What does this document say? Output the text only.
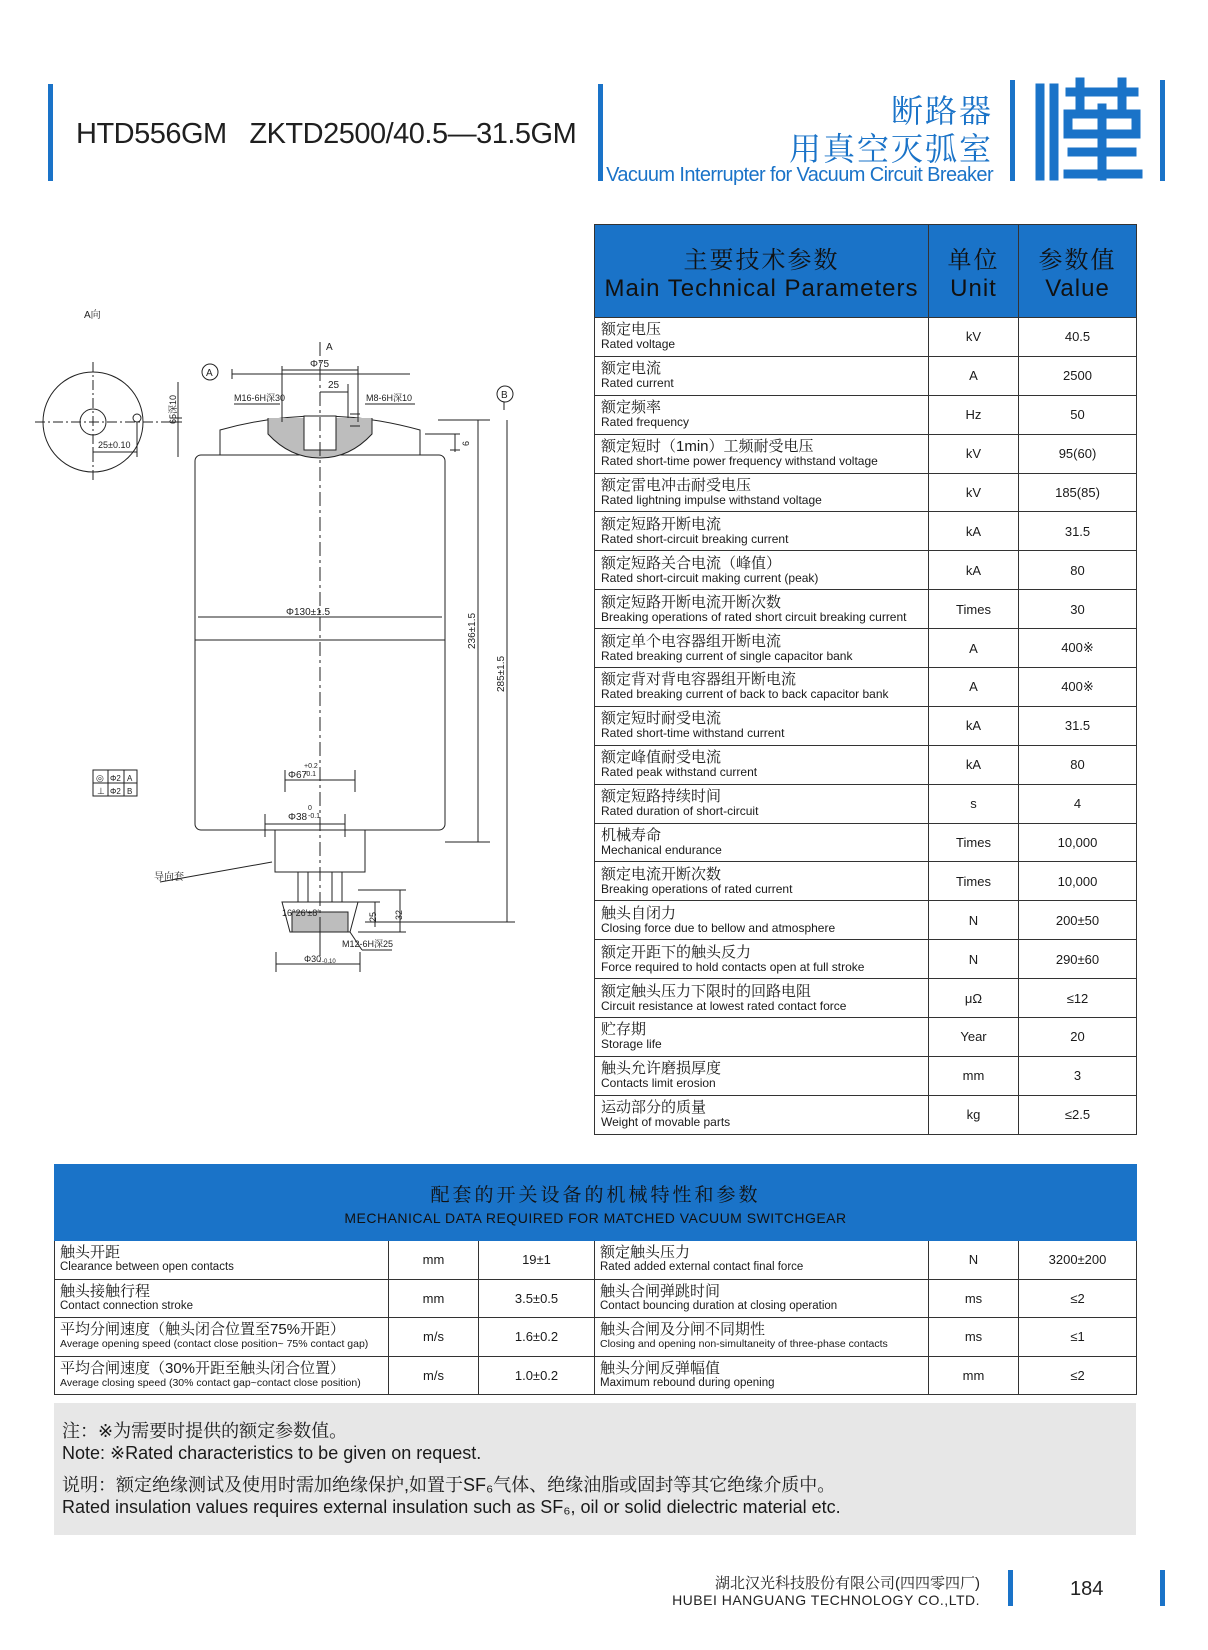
HTD556GM   ZKTD2500/40.5—31.5GM
断路器
用真空灭弧室
Vacuum Interrupter for Vacuum Circuit Breaker
A向
A
A
B
Φ75
25
M16-6H深30	M8-6H深10
6
Φ130±1.5
236±1.5
285±1.5
65深10
25±0.10
Φ67
+0.2
-0.1
Φ38
0
-0.1
导向套
16°26′±8′	25 32
M12-6H深25
Φ30 -0.10
◎ Φ2 A
⊥ Φ2 B
主要技术参数
Main Technical Parameters	单位
Unit	参数值
Value

额定电压
Rated voltage	kV	40.5

额定电流
Rated current	A	2500

额定频率
Rated frequency	Hz	50

额定短时（1min）工频耐受电压
Rated short-time power frequency withstand voltage	kV	95(60)

额定雷电冲击耐受电压
Rated lightning impulse withstand voltage	kV	185(85)

额定短路开断电流
Rated short-circuit breaking current	kA	31.5

额定短路关合电流（峰值）
Rated short-circuit making current (peak)	kA	80

额定短路开断电流开断次数
Breaking operations of rated short circuit breaking current	Times	30

额定单个电容器组开断电流
Rated breaking current of single capacitor bank	A	400※

额定背对背电容器组开断电流
Rated breaking current of back to back capacitor bank	A	400※

额定短时耐受电流
Rated short-time withstand current	kA	31.5

额定峰值耐受电流
Rated peak withstand current	kA	80

额定短路持续时间
Rated duration of short-circuit	s	4

机械寿命
Mechanical endurance	Times	10,000

额定电流开断次数
Breaking operations of rated current	Times	10,000

触头自闭力
Closing force due to bellow and atmosphere	N	200±50

额定开距下的触头反力
Force required to hold contacts open at full stroke	N	290±60

额定触头压力下限时的回路电阻
Circuit resistance at lowest rated contact force	μΩ	≤12

贮存期
Storage life	Year	20

触头允许磨损厚度
Contacts limit erosion	mm	3

运动部分的质量
Weight of movable parts	kg	≤2.5
配套的开关设备的机械特性和参数
MECHANICAL DATA REQUIRED FOR MATCHED VACUUM SWITCHGEAR					

触头开距
Clearance between open contacts	mm	19±1	额定触头压力
Rated added external contact final force	N	3200±200

触头接触行程
Contact connection stroke	mm	3.5±0.5	触头合闸弹跳时间
Contact bouncing duration at closing operation	ms	≤2

平均分闸速度（触头闭合位置至75%开距）
Average opening speed (contact close position~ 75% contact gap)	m/s	1.6±0.2	触头合闸及分闸不同期性
Closing and opening non-simultaneity of three-phase contacts	ms	≤1

平均合闸速度（30%开距至触头闭合位置）
Average closing speed (30% contact gap~contact close position)	m/s	1.0±0.2	触头分闸反弹幅值
Maximum rebound during opening	mm	≤2
注：※为需要时提供的额定参数值。
Note: ※Rated characteristics to be given on request.
说明：额定绝缘测试及使用时需加绝缘保护,如置于SF₆气体、绝缘油脂或固封等其它绝缘介质中。
Rated insulation values requires external insulation such as SF₆, oil or solid dielectric material etc.
湖北汉光科技股份有限公司(四四零四厂)
HUBEI HANGUANG TECHNOLOGY CO.,LTD.	184
